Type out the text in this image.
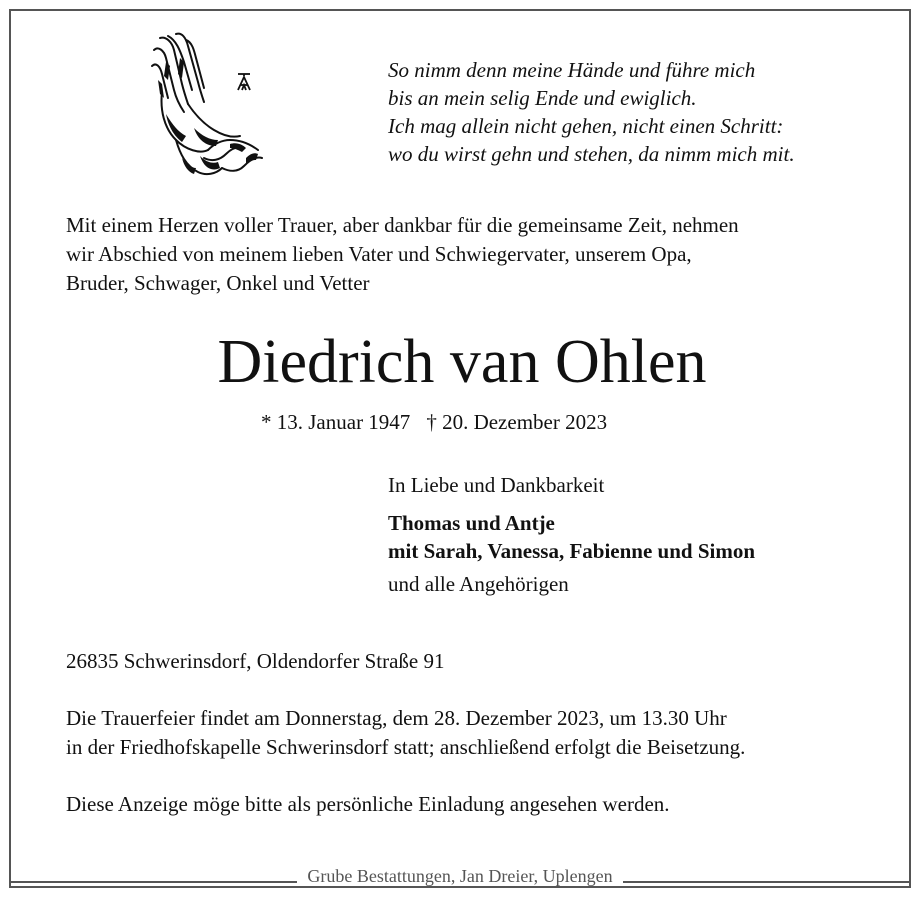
So nimm denn meine Hände und führe mich
bis an mein selig Ende und ewiglich.
Ich mag allein nicht gehen, nicht einen Schritt:
wo du wirst gehn und stehen, da nimm mich mit.

Mit einem Herzen voller Trauer, aber dankbar für die gemeinsame Zeit, nehmen
wir Abschied von meinem lieben Vater und Schwiegervater, unserem Opa,
Bruder, Schwager, Onkel und Vetter

Diedrich van Ohlen
* 13. Januar 1947 † 20. Dezember 2023
In Liebe und Dankbarkeit
Thomas und Antje
mit Sarah, Vanessa, Fabienne und Simon
und alle Angehörigen
26835 Schwerinsdorf, Oldendorfer Straße 91
Die Trauerfeier findet am Donnerstag, dem 28. Dezember 2023, um 13.30 Uhr
in der Friedhofskapelle Schwerinsdorf statt; anschließend erfolgt die Beisetzung.
Diese Anzeige möge bitte als persönliche Einladung angesehen werden.
Grube Bestattungen, Jan Dreier, Uplengen
